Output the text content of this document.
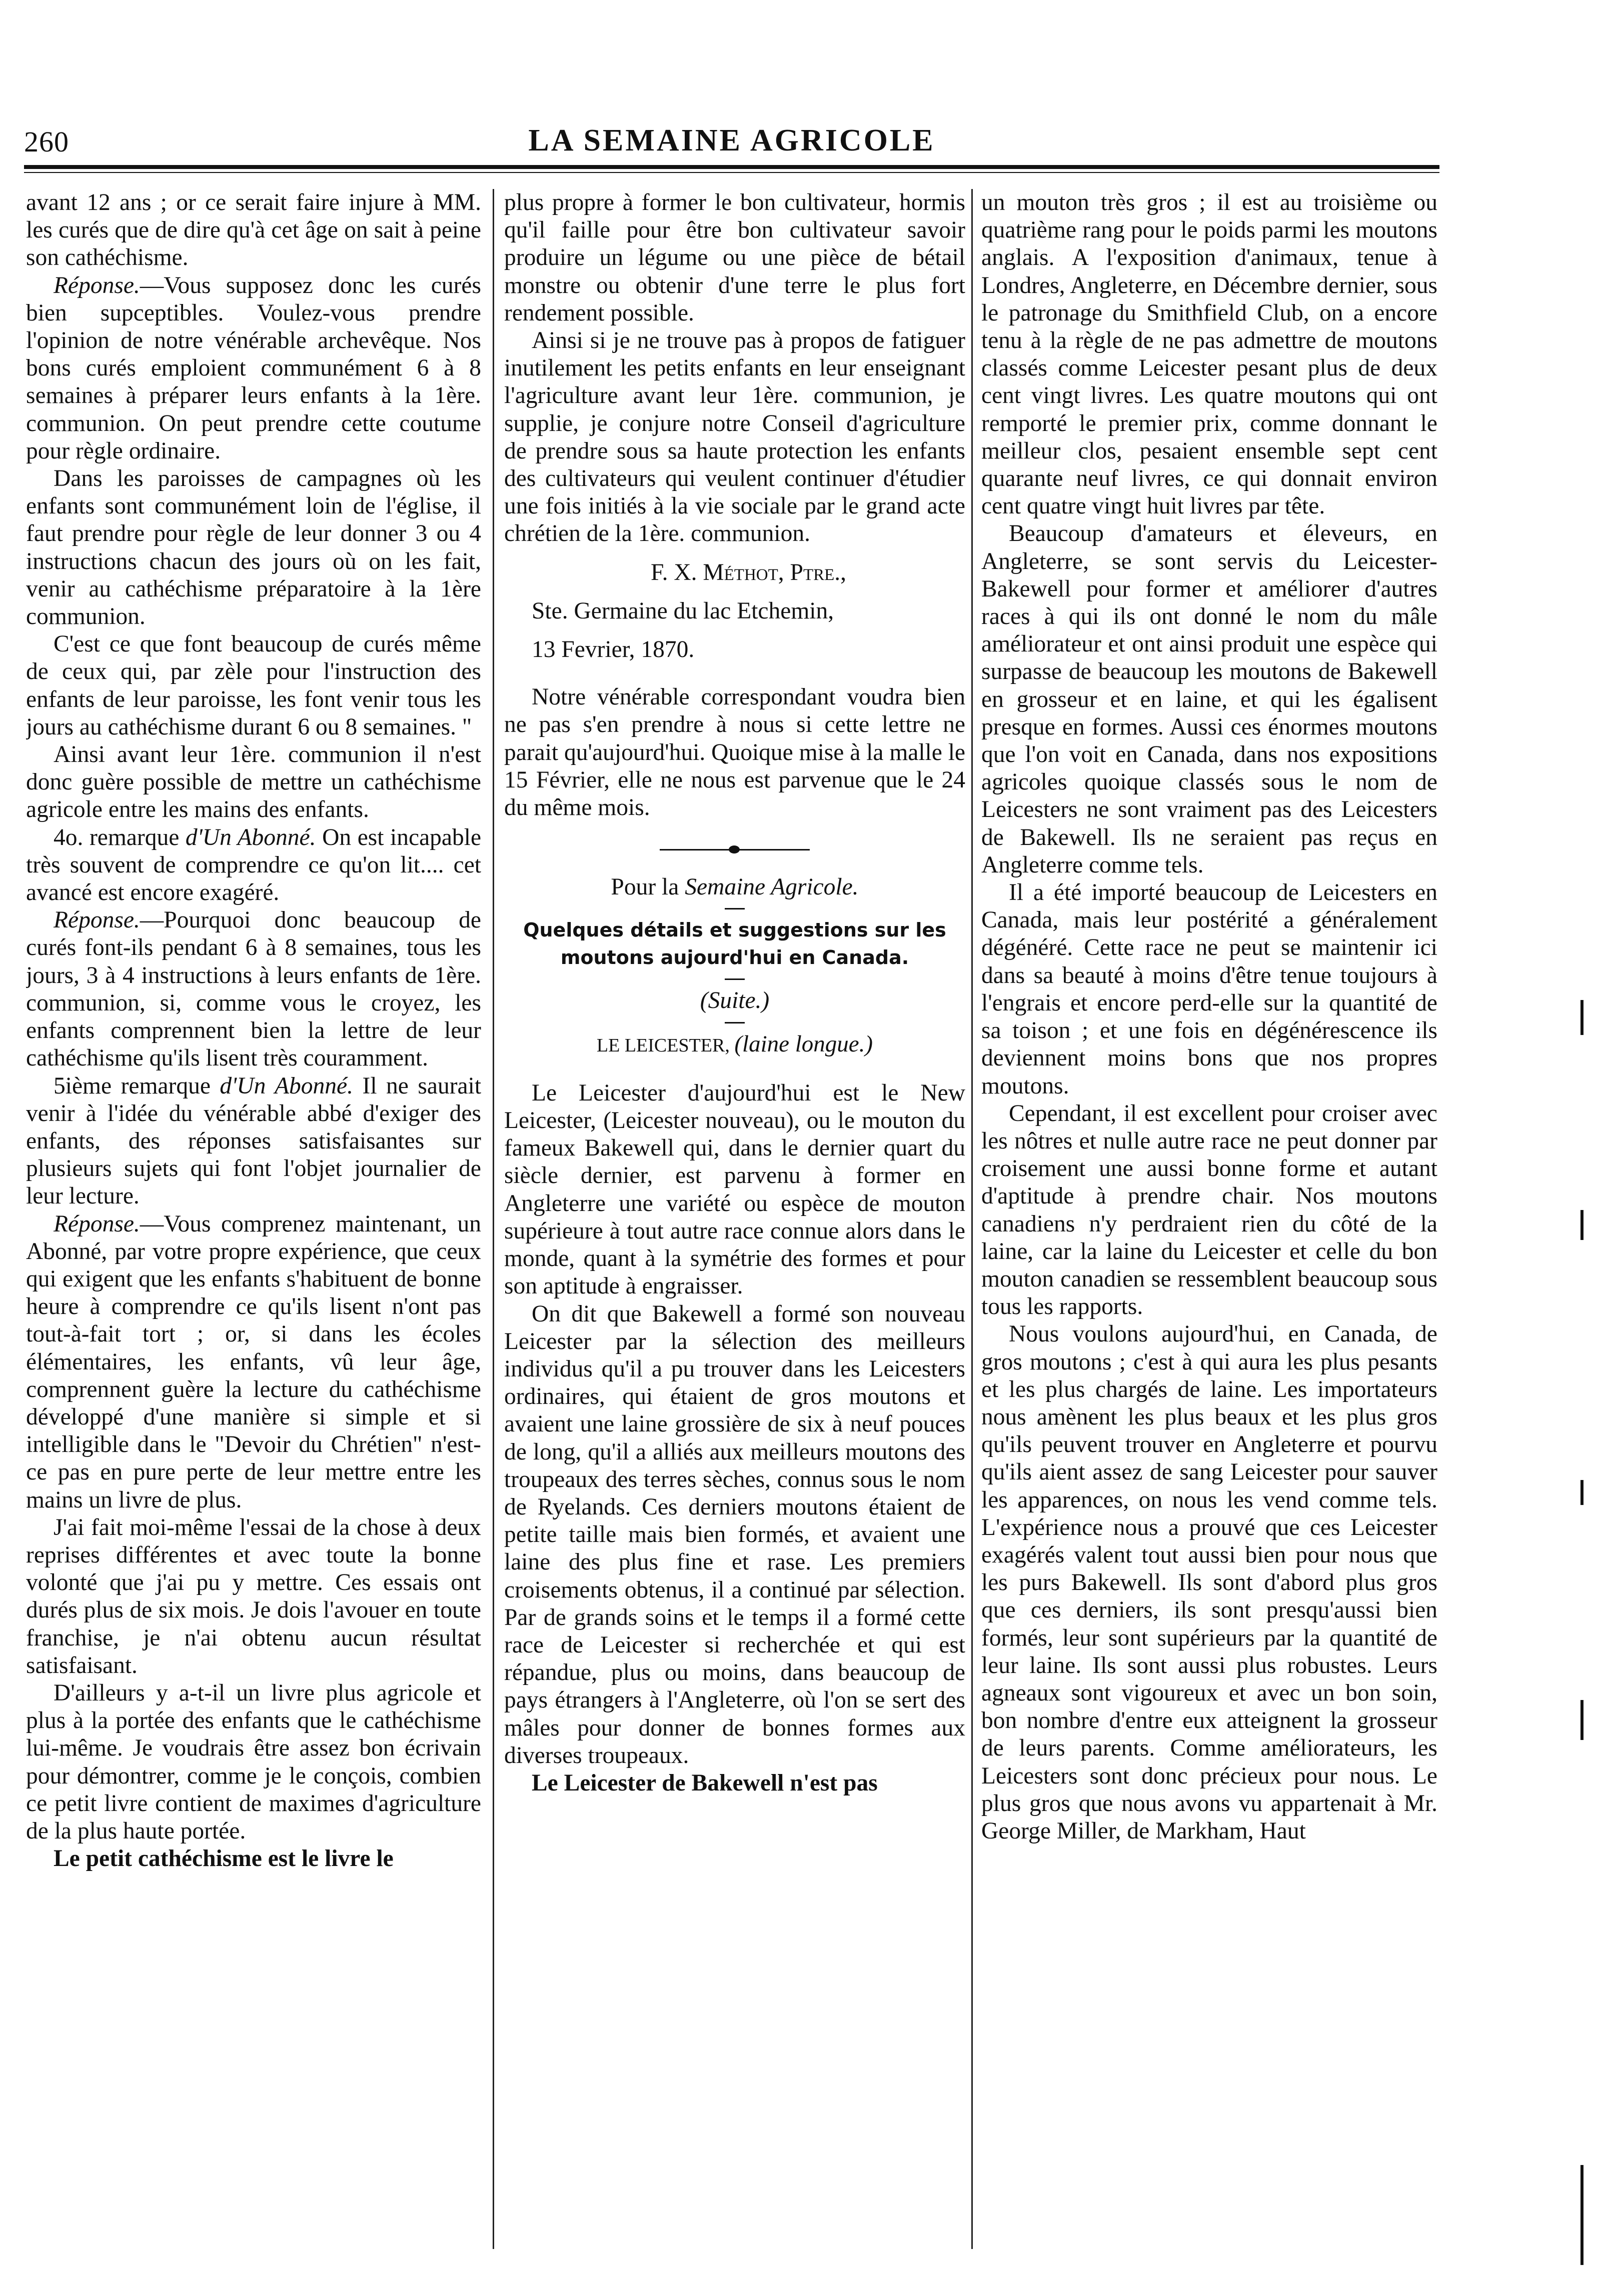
260	LA SEMAINE AGRICOLE

avant 12 ans ; or ce serait faire injure à MM. les curés que de dire qu'à cet âge on sait à peine son cathéchisme.

Réponse.—Vous supposez donc les curés bien supceptibles. Voulez-vous prendre l'opinion de notre vénérable archevêque. Nos bons curés emploient communément 6 à 8 semaines à préparer leurs enfants à la 1ère. communion. On peut prendre cette coutume pour règle ordinaire.

Dans les paroisses de campagnes où les enfants sont communément loin de l'église, il faut prendre pour règle de leur donner 3 ou 4 instructions chacun des jours où on les fait, venir au cathéchisme préparatoire à la 1ère communion.

C'est ce que font beaucoup de curés même de ceux qui, par zèle pour l'instruction des enfants de leur paroisse, les font venir tous les jours au cathéchisme durant 6 ou 8 semaines. "

Ainsi avant leur 1ère. communion il n'est donc guère possible de mettre un cathéchisme agricole entre les mains des enfants.

4o. remarque d'Un Abonné. On est incapable très souvent de comprendre ce qu'on lit.... cet avancé est encore exagéré.

Réponse.—Pourquoi donc beaucoup de curés font-ils pendant 6 à 8 semaines, tous les jours, 3 à 4 instructions à leurs enfants de 1ère. communion, si, comme vous le croyez, les enfants comprennent bien la lettre de leur cathéchisme qu'ils lisent très couramment.

5ième remarque d'Un Abonné. Il ne saurait venir à l'idée du vénérable abbé d'exiger des enfants, des réponses satisfaisantes sur plusieurs sujets qui font l'objet journalier de leur lecture.

Réponse.—Vous comprenez maintenant, un Abonné, par votre propre expérience, que ceux qui exigent que les enfants s'habituent de bonne heure à comprendre ce qu'ils lisent n'ont pas tout-à-fait tort ; or, si dans les écoles élémentaires, les enfants, vû leur âge, comprennent guère la lecture du cathéchisme développé d'une manière si simple et si intelligible dans le "Devoir du Chrétien" n'est-ce pas en pure perte de leur mettre entre les mains un livre de plus.

J'ai fait moi-même l'essai de la chose à deux reprises différentes et avec toute la bonne volonté que j'ai pu y mettre. Ces essais ont durés plus de six mois. Je dois l'avouer en toute franchise, je n'ai obtenu aucun résultat satisfaisant.

D'ailleurs y a-t-il un livre plus agricole et plus à la portée des enfants que le cathéchisme lui-même. Je voudrais être assez bon écrivain pour démontrer, comme je le conçois, combien ce petit livre contient de maximes d'agriculture de la plus haute portée.

Le petit cathéchisme est le livre le

plus propre à former le bon cultivateur, hormis qu'il faille pour être bon cultivateur savoir produire un légume ou une pièce de bétail monstre ou obtenir d'une terre le plus fort rendement possible.

Ainsi si je ne trouve pas à propos de fatiguer inutilement les petits enfants en leur enseignant l'agriculture avant leur 1ère. communion, je supplie, je conjure notre Conseil d'agriculture de prendre sous sa haute protection les enfants des cultivateurs qui veulent continuer d'étudier une fois initiés à la vie sociale par le grand acte chrétien de la 1ère. communion.

F. X. Méthot, Ptre.,

Ste. Germaine du lac Etchemin,

13 Fevrier, 1870.

Notre vénérable correspondant voudra bien ne pas s'en prendre à nous si cette lettre ne parait qu'aujourd'hui. Quoique mise à la malle le 15 Février, elle ne nous est parvenue que le 24 du même mois.

Pour la Semaine Agricole.

Quelques détails et suggestions sur les moutons aujourd'hui en Canada.

(Suite.)

LE LEICESTER, (laine longue.)

Le Leicester d'aujourd'hui est le New Leicester, (Leicester nouveau), ou le mouton du fameux Bakewell qui, dans le dernier quart du siècle dernier, est parvenu à former en Angleterre une variété ou espèce de mouton supérieure à tout autre race connue alors dans le monde, quant à la symétrie des formes et pour son aptitude à engraisser.

On dit que Bakewell a formé son nouveau Leicester par la sélection des meilleurs individus qu'il a pu trouver dans les Leicesters ordinaires, qui étaient de gros moutons et avaient une laine grossière de six à neuf pouces de long, qu'il a alliés aux meilleurs moutons des troupeaux des terres sèches, connus sous le nom de Ryelands. Ces derniers moutons étaient de petite taille mais bien formés, et avaient une laine des plus fine et rase. Les premiers croisements obtenus, il a continué par sélection. Par de grands soins et le temps il a formé cette race de Leicester si recherchée et qui est répandue, plus ou moins, dans beaucoup de pays étrangers à l'Angleterre, où l'on se sert des mâles pour donner de bonnes formes aux diverses troupeaux.

Le Leicester de Bakewell n'est pas

un mouton très gros ; il est au troisième ou quatrième rang pour le poids parmi les moutons anglais. A l'exposition d'animaux, tenue à Londres, Angleterre, en Décembre dernier, sous le patronage du Smithfield Club, on a encore tenu à la règle de ne pas admettre de moutons classés comme Leicester pesant plus de deux cent vingt livres. Les quatre moutons qui ont remporté le premier prix, comme donnant le meilleur clos, pesaient ensemble sept cent quarante neuf livres, ce qui donnait environ cent quatre vingt huit livres par tête.

Beaucoup d'amateurs et éleveurs, en Angleterre, se sont servis du Leicester-Bakewell pour former et améliorer d'autres races à qui ils ont donné le nom du mâle améliorateur et ont ainsi produit une espèce qui surpasse de beaucoup les moutons de Bakewell en grosseur et en laine, et qui les égalisent presque en formes. Aussi ces énormes moutons que l'on voit en Canada, dans nos expositions agricoles quoique classés sous le nom de Leicesters ne sont vraiment pas des Leicesters de Bakewell. Ils ne seraient pas reçus en Angleterre comme tels.

Il a été importé beaucoup de Leicesters en Canada, mais leur postérité a généralement dégénéré. Cette race ne peut se maintenir ici dans sa beauté à moins d'être tenue toujours à l'engrais et encore perd-elle sur la quantité de sa toison ; et une fois en dégénérescence ils deviennent moins bons que nos propres moutons.

Cependant, il est excellent pour croiser avec les nôtres et nulle autre race ne peut donner par croisement une aussi bonne forme et autant d'aptitude à prendre chair. Nos moutons canadiens n'y perdraient rien du côté de la laine, car la laine du Leicester et celle du bon mouton canadien se ressemblent beaucoup sous tous les rapports.

Nous voulons aujourd'hui, en Canada, de gros moutons ; c'est à qui aura les plus pesants et les plus chargés de laine. Les importateurs nous amènent les plus beaux et les plus gros qu'ils peuvent trouver en Angleterre et pourvu qu'ils aient assez de sang Leicester pour sauver les apparences, on nous les vend comme tels. L'expérience nous a prouvé que ces Leicester exagérés valent tout aussi bien pour nous que les purs Bakewell. Ils sont d'abord plus gros que ces derniers, ils sont presqu'aussi bien formés, leur sont supérieurs par la quantité de leur laine. Ils sont aussi plus robustes. Leurs agneaux sont vigoureux et avec un bon soin, bon nombre d'entre eux atteignent la grosseur de leurs parents. Comme améliorateurs, les Leicesters sont donc précieux pour nous. Le plus gros que nous avons vu appartenait à Mr. George Miller, de Markham, Haut
